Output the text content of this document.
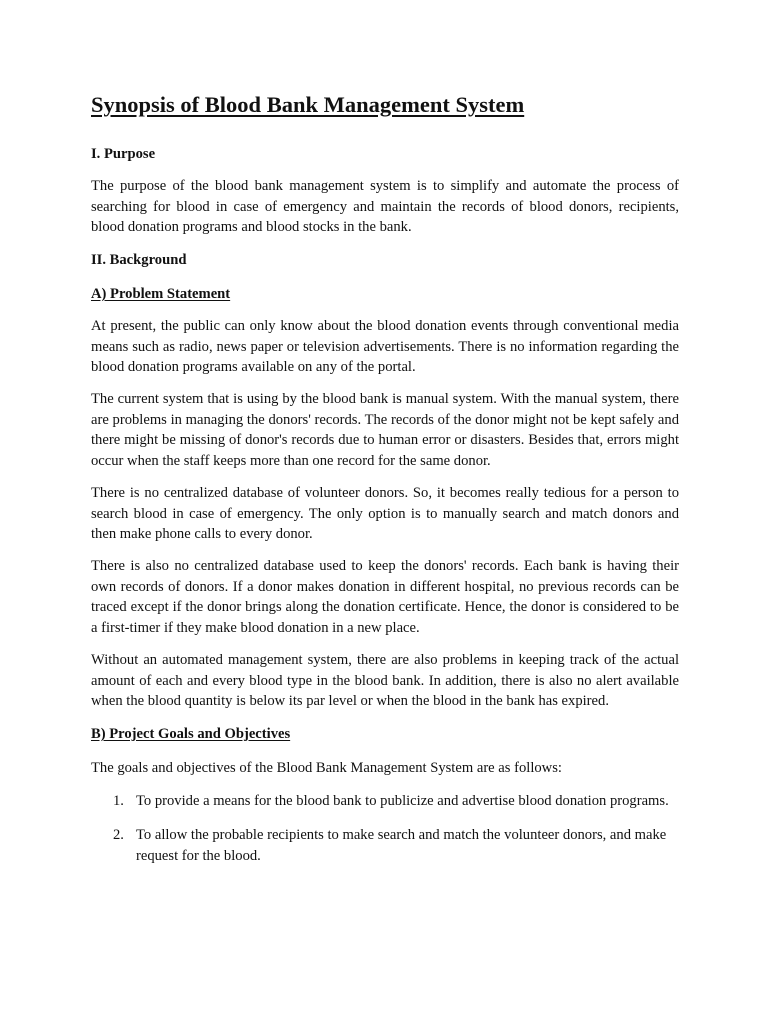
Synopsis of Blood Bank Management System
I. Purpose

The purpose of the blood bank management system is to simplify and automate the process of searching for blood in case of emergency and maintain the records of blood donors, recipients, blood donation programs and blood stocks in the bank.

II. Background
A) Problem Statement

At present, the public can only know about the blood donation events through conventional media means such as radio, news paper or television advertisements. There is no information regarding the blood donation programs available on any of the portal.

The current system that is using by the blood bank is manual system. With the manual system, there are problems in managing the donors' records. The records of the donor might not be kept safely and there might be missing of donor's records due to human error or disasters. Besides that, errors might occur when the staff keeps more than one record for the same donor.

There is no centralized database of volunteer donors. So, it becomes really tedious for a person to search blood in case of emergency. The only option is to manually search and match donors and then make phone calls to every donor.

There is also no centralized database used to keep the donors' records. Each bank is having their own records of donors. If a donor makes donation in different hospital, no previous records can be traced except if the donor brings along the donation certificate. Hence, the donor is considered to be a first-timer if they make blood donation in a new place.

Without an automated management system, there are also problems in keeping track of the actual amount of each and every blood type in the blood bank. In addition, there is also no alert available when the blood quantity is below its par level or when the blood in the bank has expired.

B) Project Goals and Objectives

The goals and objectives of the Blood Bank Management System are as follows:

1. To provide a means for the blood bank to publicize and advertise blood donation programs.
2. To allow the probable recipients to make search and match the volunteer donors, and make request for the blood.
